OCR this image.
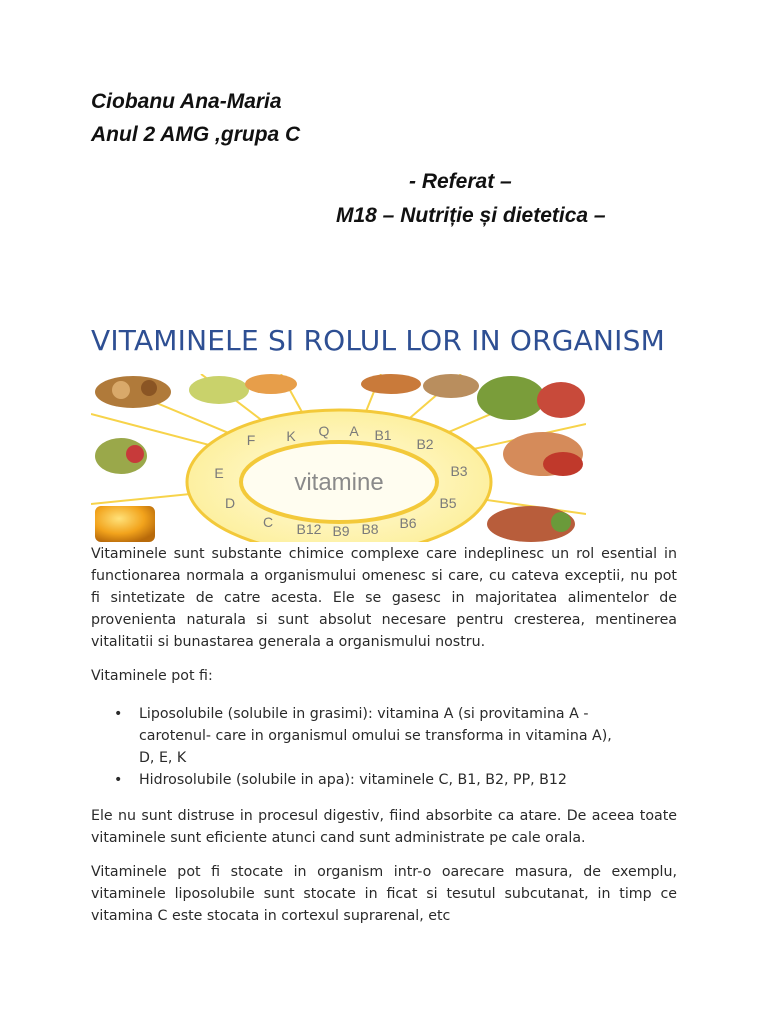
Ciobanu Ana-Maria
Anul 2 AMG ,grupa C
- Referat –
M18 – Nutriție și dietetica –
VITAMINELE SI ROLUL LOR IN ORGANISM
vitamine
E
F K Q A B1
B2
B3
B5
B6
B8
B9
B12
C
D
Vitaminele sunt substante chimice complexe care indeplinesc un rol esential in functionarea normala a organismului omenesc si care, cu cateva exceptii, nu pot fi sintetizate de catre acesta. Ele se gasesc in majoritatea alimentelor de provenienta naturala si sunt absolut necesare pentru cresterea, mentinerea vitalitatii si bunastarea generala a organismului nostru.
Vitaminele pot fi:
• Liposolubile (solubile in grasimi): vitamina A (si provitamina A - carotenul- care in organismul omului se transforma in vitamina A), D, E, K
• Hidrosolubile (solubile in apa): vitaminele C, B1, B2, PP, B12
Ele nu sunt distruse in procesul digestiv, fiind absorbite ca atare. De aceea toate vitaminele sunt eficiente atunci cand sunt administrate pe cale orala.
Vitaminele pot fi stocate in organism intr-o oarecare masura, de exemplu, vitaminele liposolubile sunt stocate in ficat si tesutul subcutanat, in timp ce vitamina C este stocata in cortexul suprarenal, etc
